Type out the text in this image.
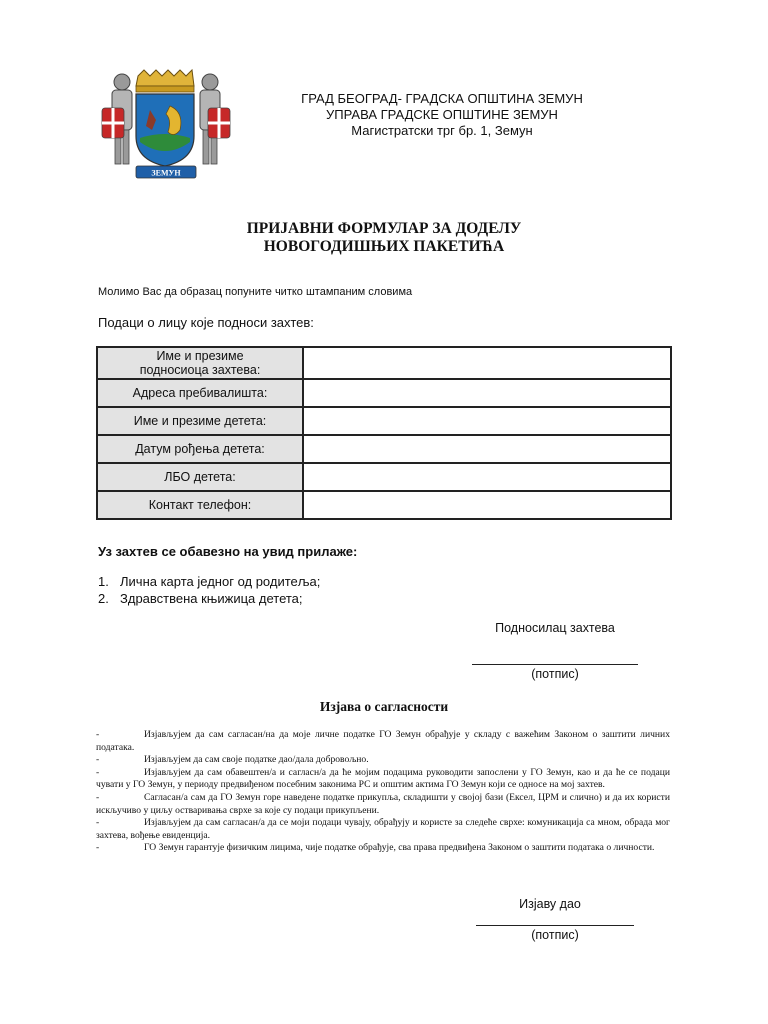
ЗЕМУН
ГРАД БЕОГРАД- ГРАДСКА ОПШТИНА ЗЕМУН
УПРАВА ГРАДСКЕ ОПШТИНЕ ЗЕМУН
Магистратски трг бр. 1, Земун
ПРИЈАВНИ ФОРМУЛАР ЗА ДОДЕЛУ
НОВОГОДИШЊИХ ПАКЕТИЋА
Молимо Вас да образац попуните читко штампаним словима
Подаци о лицу које подноси захтев:
Име и презиме
подносиоца захтева:	

Адреса пребивалишта:	
Име и презиме детета:	
Датум рођења детета:	
ЛБО детета:	
Контакт телефон:	
Уз захтев се обавезно на увид прилаже:
1. Лична карта једног од родитеља;
2. Здравствена књижица детета;
Подносилац захтева
(потпис)
Изјава о сагласности

-	Изјављујем да сам сагласан/на да моје личне податке ГО Земун обрађује у складу с важећим Законом о заштити личних података.

-	Изјављујем да сам своје податке дао/дала добровољно.

-	Изјављујем да сам обавештен/а и сагласн/а да ће мојим подацима руководити запослени у ГО Земун, као и да ће се подаци чувати у ГО Земун, у периоду предвиђеном посебним законима РС и општим актима ГО Земун који се односе на мој захтев.

-	Сагласан/а сам да ГО Земун горе наведене податке прикупља, складишти у својој бази (Ексел, ЦРМ и слично) и да их користи искључиво у циљу остваривања сврхе за које су подаци прикупљени.

-	Изјављујем да сам сагласан/а да се моји подаци чувају, обрађују и користе за следеће сврхе: комуникација са мном, обрада мог захтева, вођење евиденција.

-	ГО Земун гарантује физичким лицима, чије податке обрађује, сва права предвиђена Законом о заштити података о личности.

Изјаву дао
(потпис)
